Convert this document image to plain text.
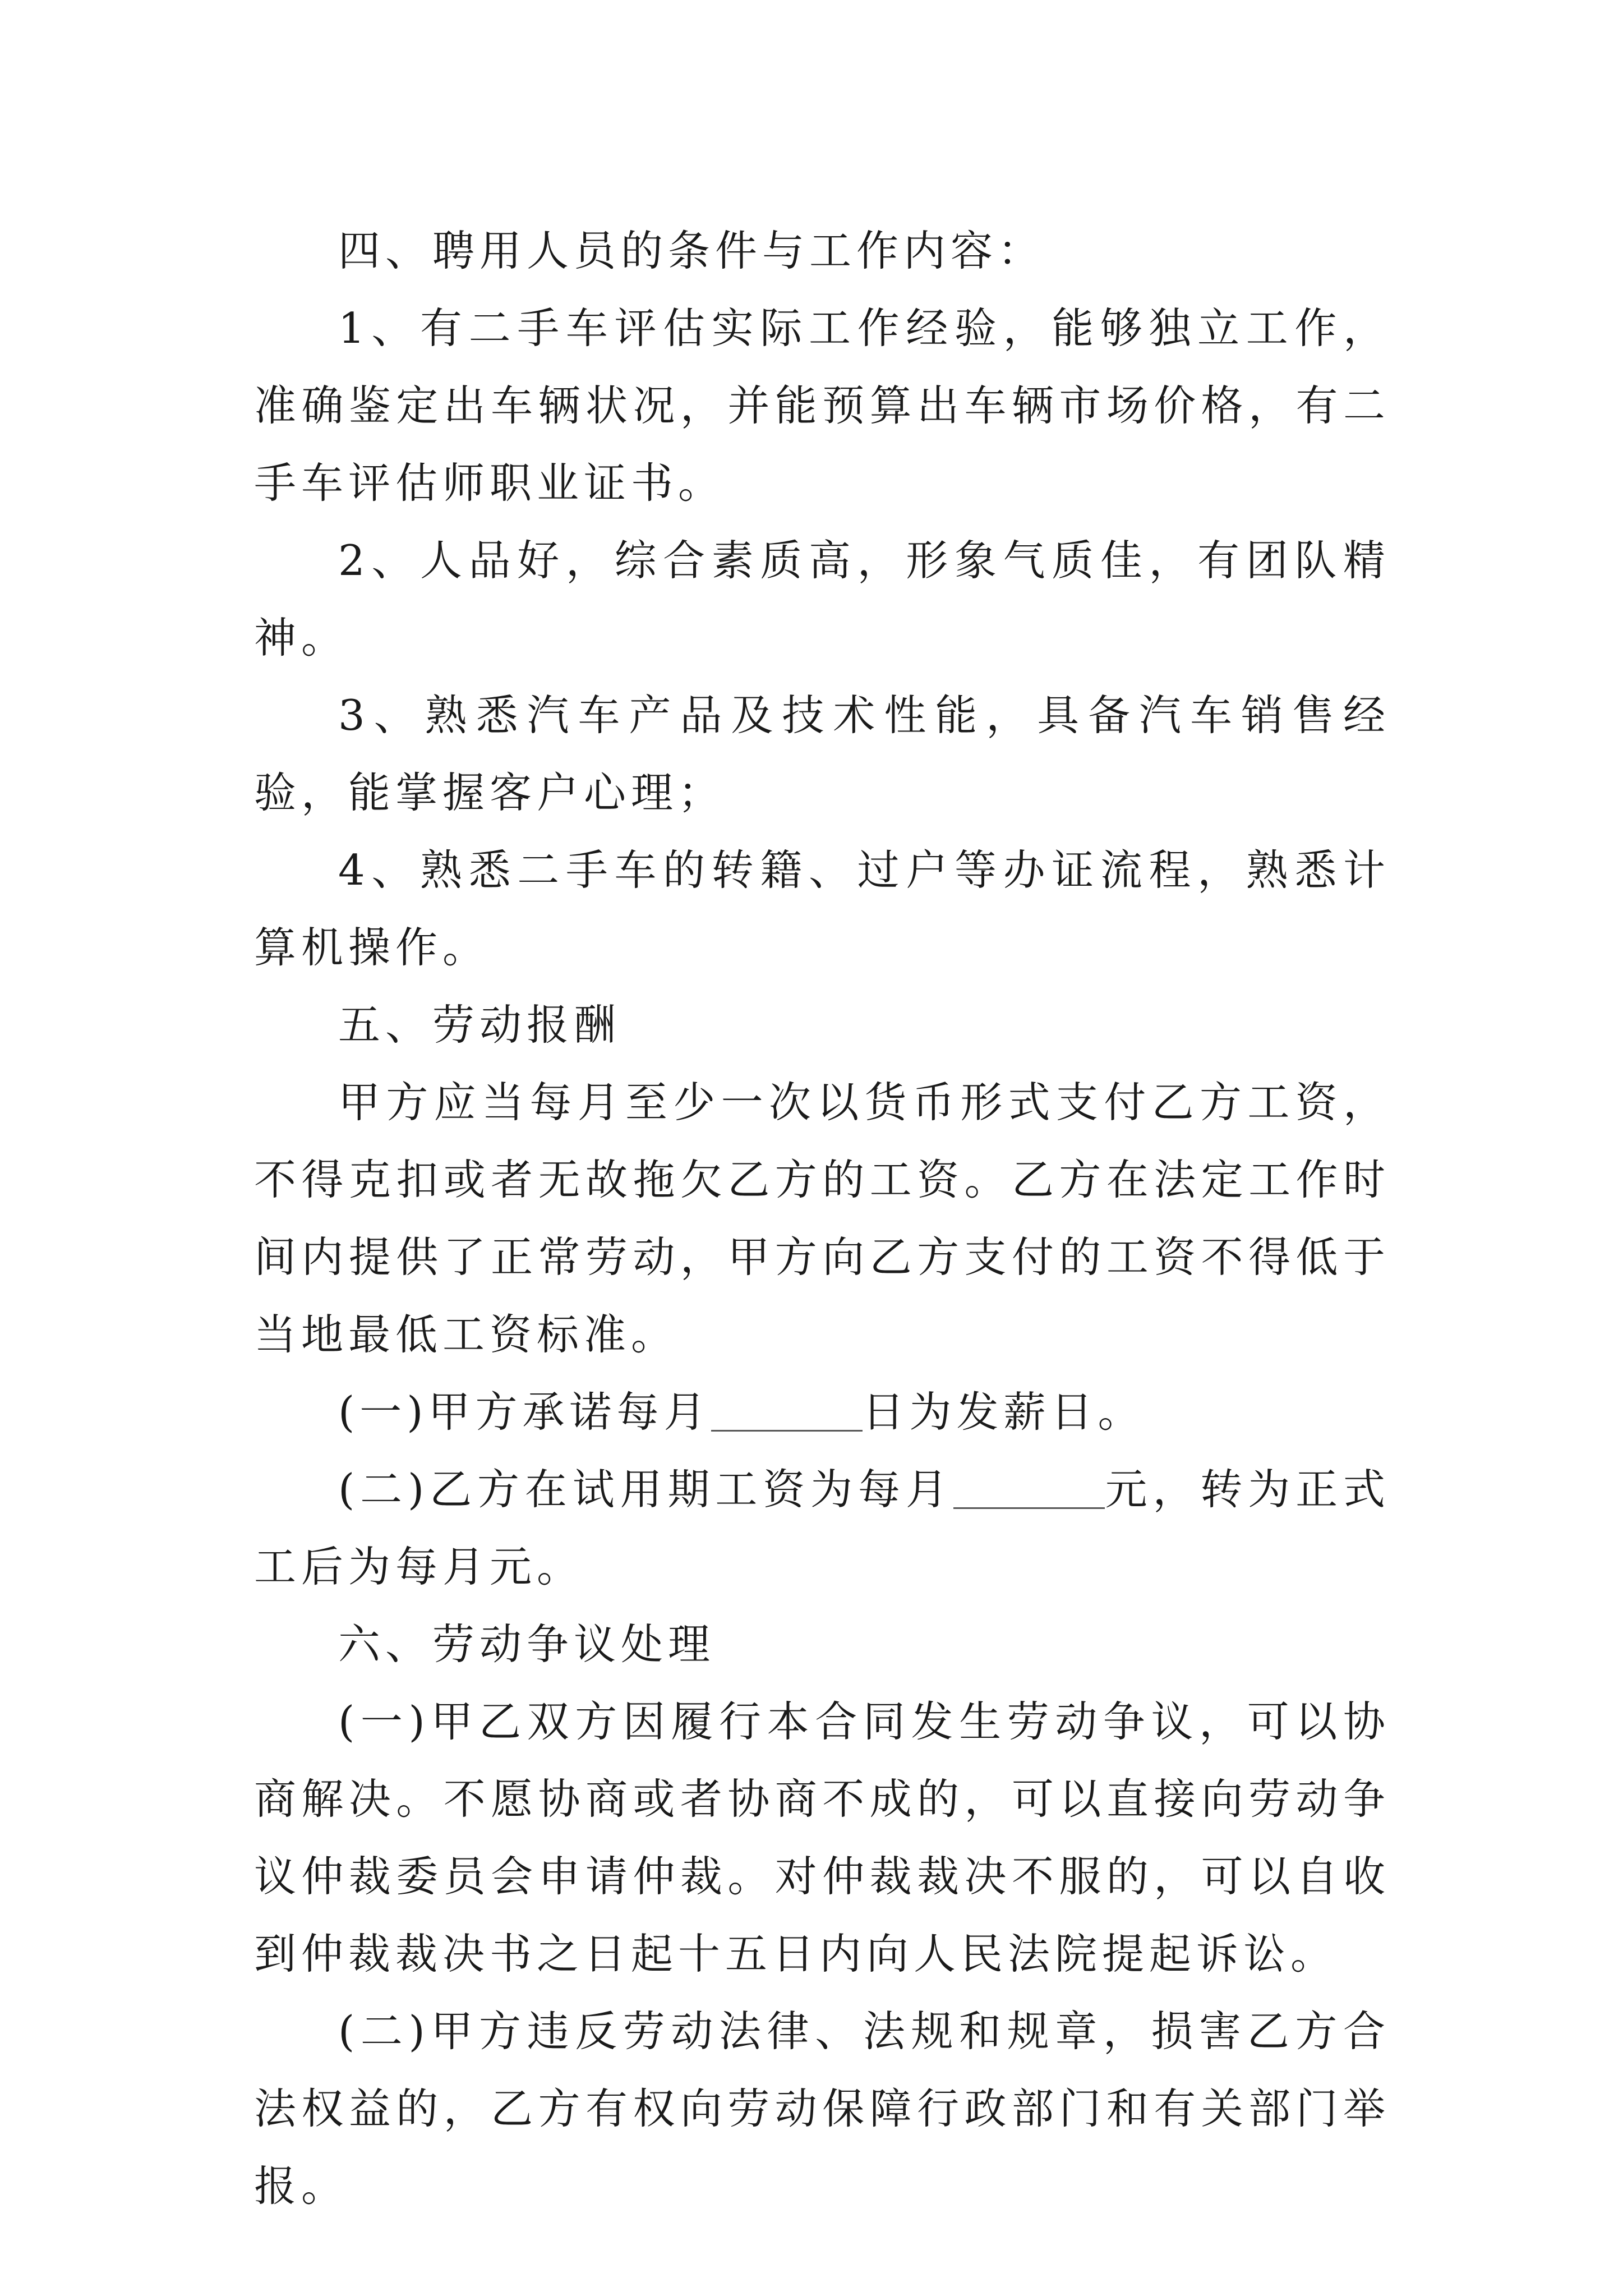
四、聘用人员的条件与工作内容：

1、有二手车评估实际工作经验，能够独立工作，准确鉴定出车辆状况，并能预算出车辆市场价格，有二手车评估师职业证书。

2、人品好，综合素质高，形象气质佳，有团队精神。

3、熟悉汽车产品及技术性能，具备汽车销售经验，能掌握客户心理；

4、熟悉二手车的转籍、过户等办证流程，熟悉计算机操作。

五、劳动报酬

甲方应当每月至少一次以货币形式支付乙方工资，不得克扣或者无故拖欠乙方的工资。乙方在法定工作时间内提供了正常劳动，甲方向乙方支付的工资不得低于当地最低工资标准。

(一)甲方承诺每月	日为发薪日。

(二)乙方在试用期工资为每月	元，转为正式工后为每月元。

六、劳动争议处理

(一)甲乙双方因履行本合同发生劳动争议，可以协商解决。不愿协商或者协商不成的，可以直接向劳动争议仲裁委员会申请仲裁。对仲裁裁决不服的，可以自收到仲裁裁决书之日起十五日内向人民法院提起诉讼。

(二)甲方违反劳动法律、法规和规章，损害乙方合法权益的，乙方有权向劳动保障行政部门和有关部门举报。
